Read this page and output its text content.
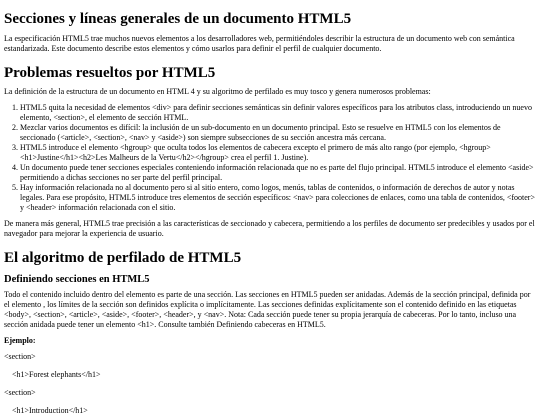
Secciones y líneas generales de un documento HTML5

La especificación HTML5 trae muchos nuevos elementos a los desarrolladores web, permitiéndoles describir la estructura de un documento web con semántica estandarizada. Este documento describe estos elementos y cómo usarlos para definir el perfil de cualquier documento.

Problemas resueltos por HTML5

La definición de la estructura de un documento en HTML 4 y su algoritmo de perfilado es muy tosco y genera numerosos problemas:

1. HTML5 quita la necesidad de elementos <div> para definir secciones semánticas sin definir valores específicos para los atributos class, introduciendo un nuevo elemento, <section>, el elemento de sección HTML.
2. Mezclar varios documentos es difícil: la inclusión de un sub-documento en un documento principal. Esto se resuelve en HTML5 con los elementos de seccionado (<article>, <section>, <nav> y <aside>) son siempre subsecciones de su sección ancestra más cercana.
3. HTML5 introduce el elemento <hgroup> que oculta todos los elementos de cabecera excepto el primero de más alto rango (por ejemplo, <hgroup><h1>Justine</h1><h2>Les Malheurs de la Vertu</h2></hgroup> crea el perfil 1. Justine).
4. Un documento puede tener secciones especiales conteniendo información relacionada que no es parte del flujo principal. HTML5 introduce el elemento <aside> permitiendo a dichas secciones no ser parte del perfil principal.
5. Hay información relacionada no al documento pero si al sitio entero, como logos, menús, tablas de contenidos, o información de derechos de autor y notas legales. Para ese propósito, HTML5 introduce tres elementos de sección específicos: <nav> para colecciones de enlaces, como una tabla de contenidos, <footer> y <header> información relacionada con el sitio.

De manera más general, HTML5 trae precisión a las características de seccionado y cabecera, permitiendo a los perfiles de documento ser predecibles y usados por el navegador para mejorar la experiencia de usuario.

El algoritmo de perfilado de HTML5
Definiendo secciones en HTML5

Todo el contenido incluido dentro del elemento es parte de una sección. Las secciones en HTML5 pueden ser anidadas. Además de la sección principal, definida por el elemento , los límites de la sección son definidos explícita o implícitamente. Las secciones definidas explícitamente son el contenido definido en las etiquetas <body>, <section>, <article>, <aside>, <footer>, <header>, y <nav>. Nota: Cada sección puede tener su propia jerarquía de cabeceras. Por lo tanto, incluso una sección anidada puede tener un elemento <h1>. Consulte también Definiendo cabeceras en HTML5.

Ejemplo:

<section>

<h1>Forest elephants</h1>

<section>

<h1>Introduction</h1>
